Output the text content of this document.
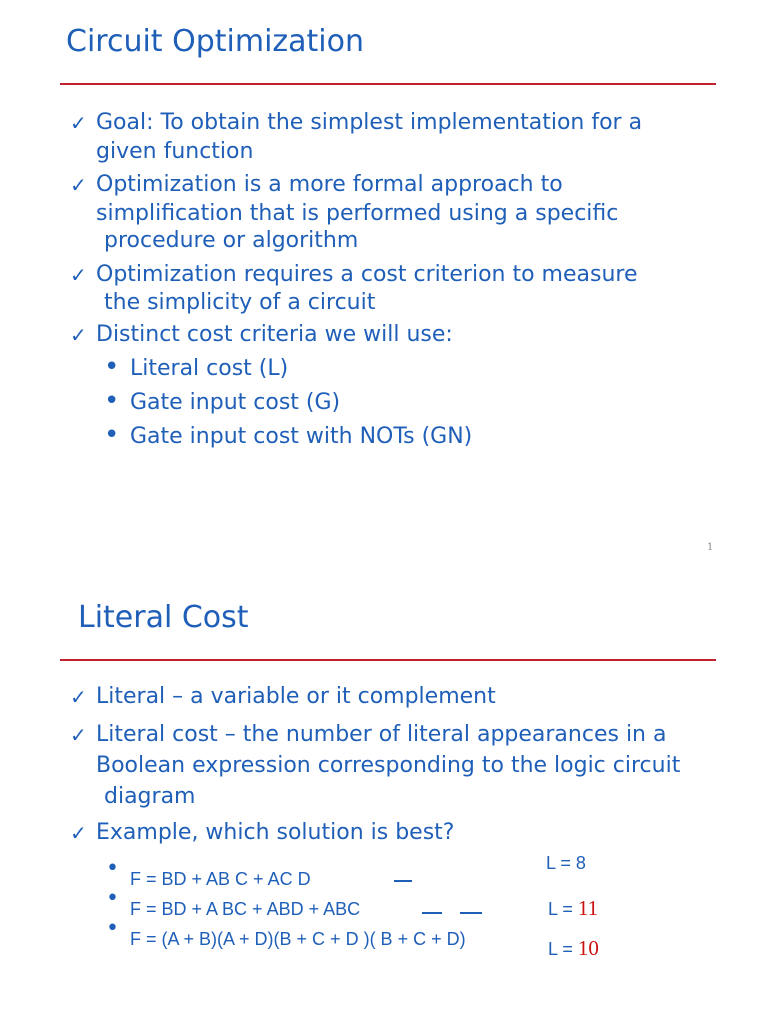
Circuit Optimization
✓ Goal: To obtain the simplest implementation for a
given function
✓ Optimization is a more formal approach to
simplification that is performed using a specific
procedure or algorithm
✓ Optimization requires a cost criterion to measure
the simplicity of a circuit
✓ Distinct cost criteria we will use:
• Literal cost (L)
• Gate input cost (G)
• Gate input cost with NOTs (GN)
1
Literal Cost
✓ Literal – a variable or it complement
✓ Literal cost – the number of literal appearances in a
Boolean expression corresponding to the logic circuit
diagram
✓ Example, which solution is best?
• F = BD + AB C + AC D
• F = BD + A BC + ABD + ABC
• F = (A + B)(A + D)(B + C + D )( B + C + D)
L = 8
L = 11
L = 10
